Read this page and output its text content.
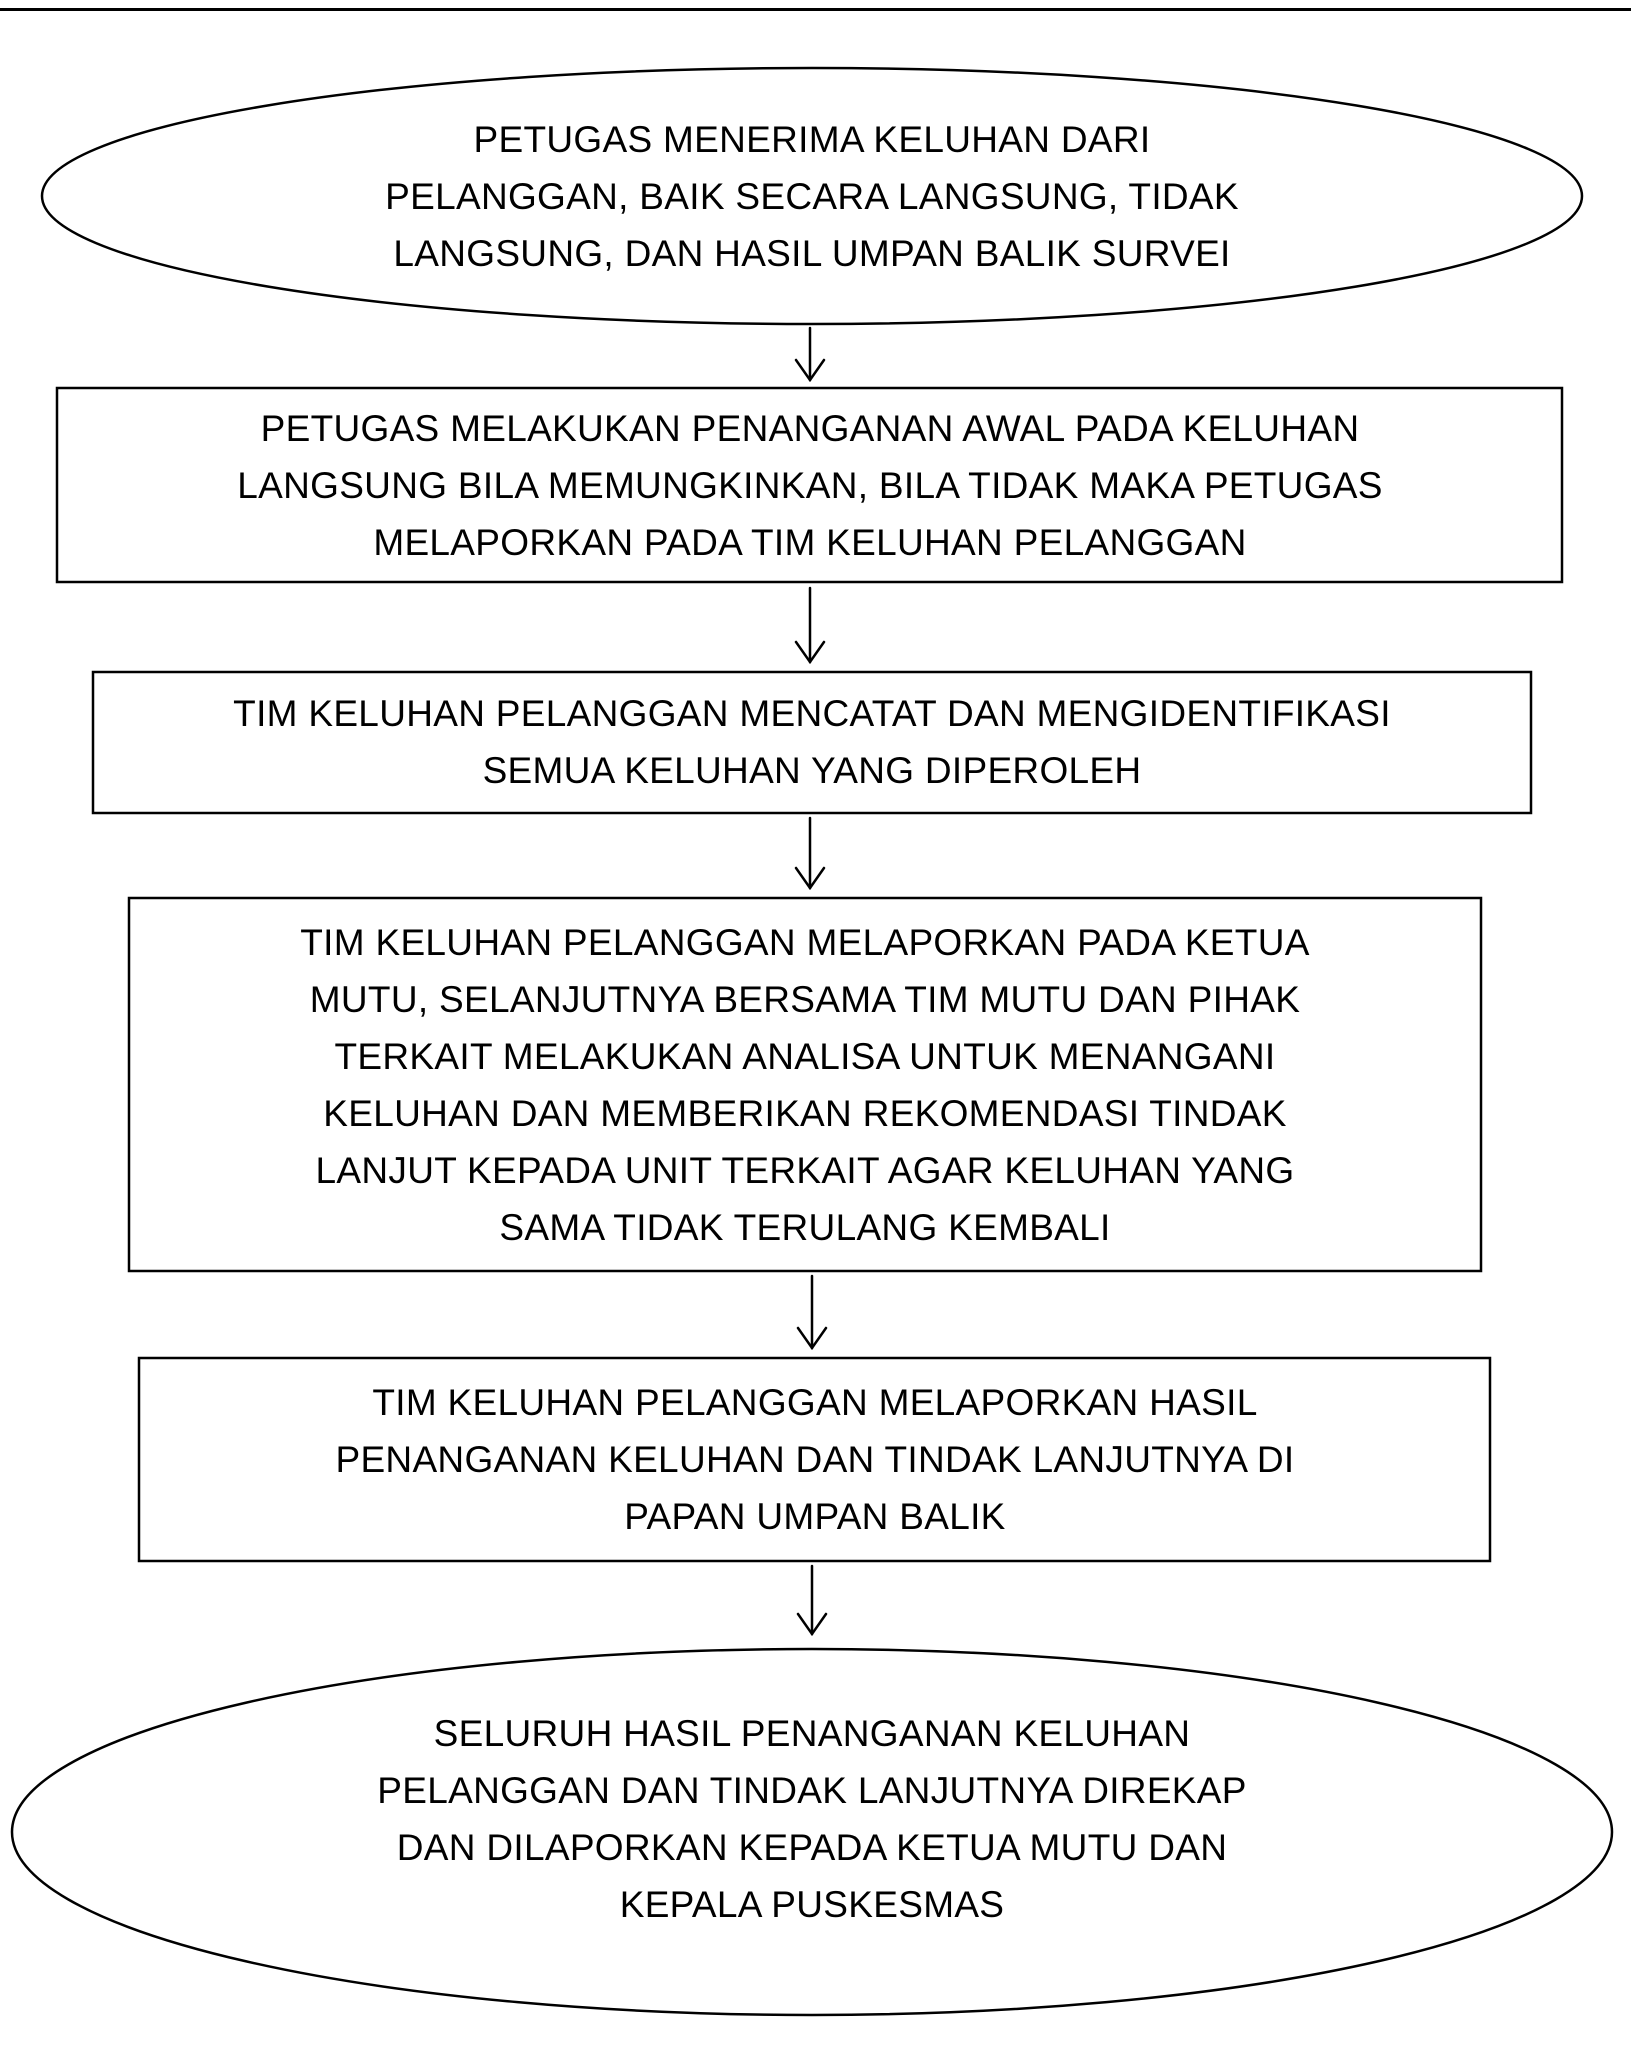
PETUGAS MENERIMA KELUHAN DARI
PELANGGAN, BAIK SECARA LANGSUNG, TIDAK
LANGSUNG, DAN HASIL UMPAN BALIK SURVEI

PETUGAS MELAKUKAN PENANGANAN AWAL PADA KELUHAN
LANGSUNG BILA MEMUNGKINKAN, BILA TIDAK MAKA PETUGAS
MELAPORKAN PADA TIM KELUHAN PELANGGAN

TIM KELUHAN PELANGGAN MENCATAT DAN MENGIDENTIFIKASI
SEMUA KELUHAN YANG DIPEROLEH

TIM KELUHAN PELANGGAN MELAPORKAN PADA KETUA
MUTU, SELANJUTNYA BERSAMA TIM MUTU DAN PIHAK
TERKAIT MELAKUKAN ANALISA UNTUK MENANGANI
KELUHAN DAN MEMBERIKAN REKOMENDASI TINDAK
LANJUT KEPADA UNIT TERKAIT AGAR KELUHAN YANG
SAMA TIDAK TERULANG KEMBALI

TIM KELUHAN PELANGGAN MELAPORKAN HASIL
PENANGANAN KELUHAN DAN TINDAK LANJUTNYA DI
PAPAN UMPAN BALIK

SELURUH HASIL PENANGANAN KELUHAN
PELANGGAN DAN TINDAK LANJUTNYA DIREKAP
DAN DILAPORKAN KEPADA KETUA MUTU DAN
KEPALA PUSKESMAS
